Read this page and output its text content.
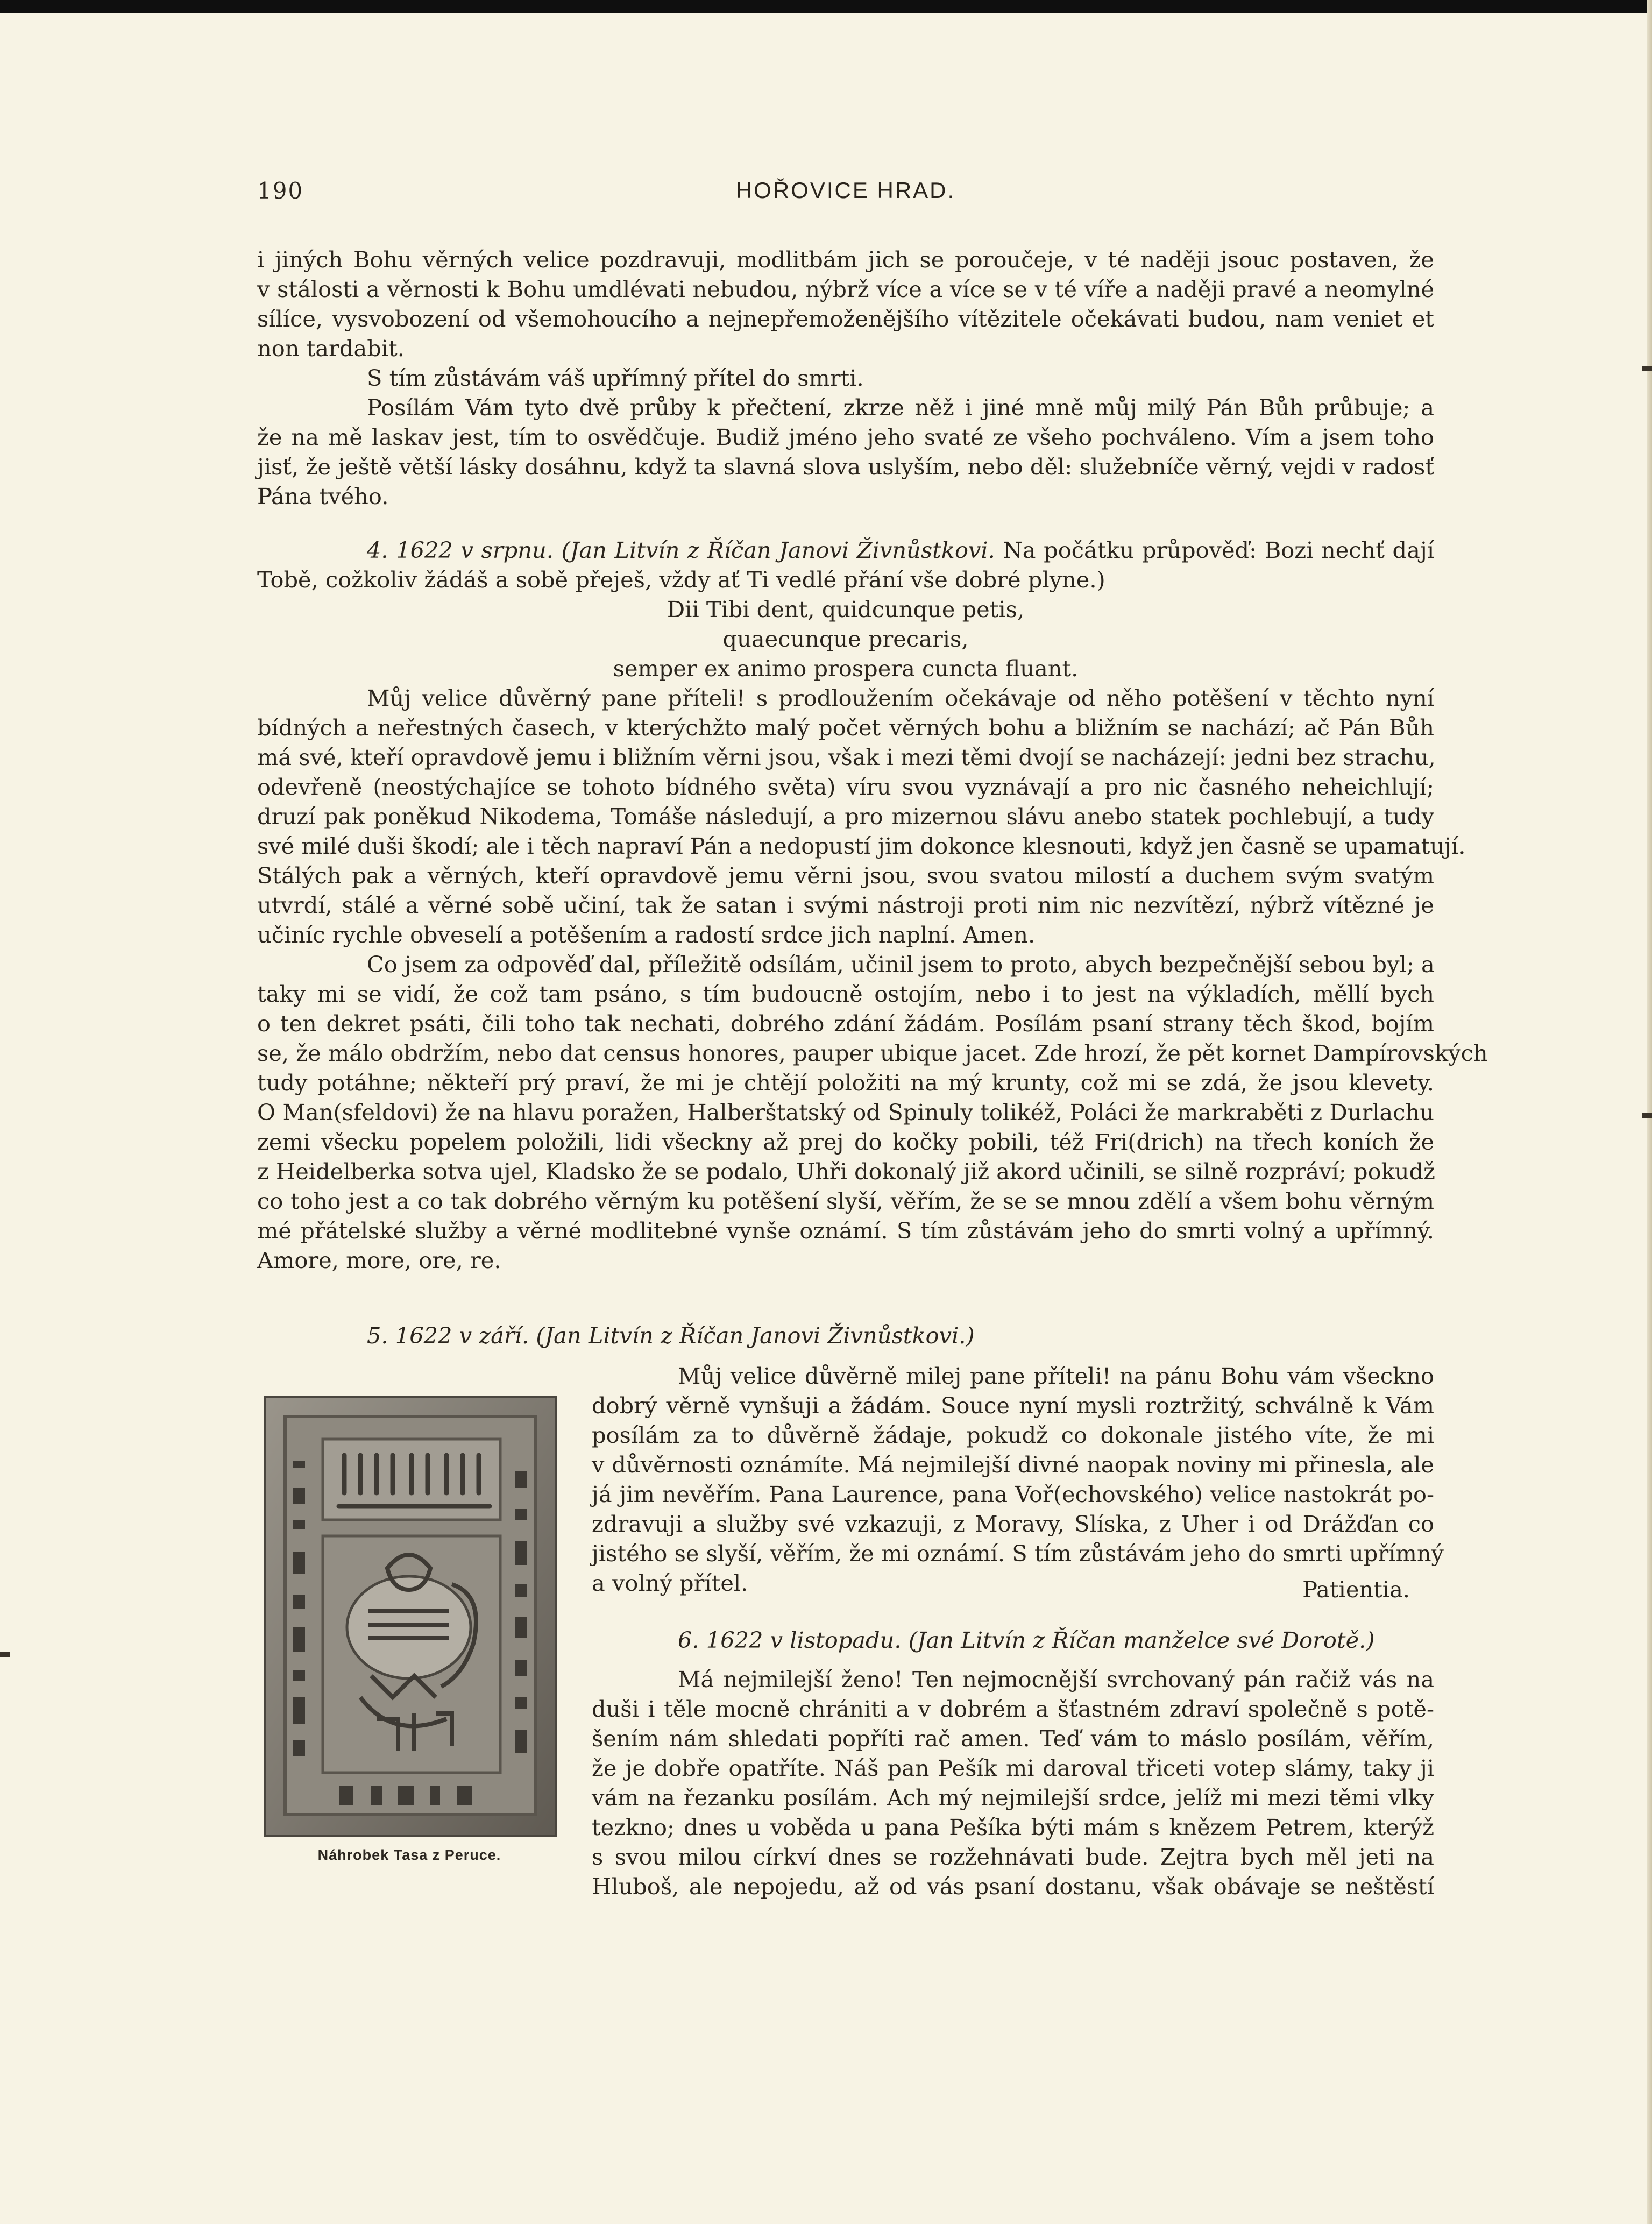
190	HOŘOVICE HRAD.
i jiných Bohu věrných velice pozdravuji, modlitbám jich se poroučeje, v té naději jsouc postaven, že
v stálosti a věrnosti k Bohu umdlévati nebudou, nýbrž více a více se v té víře a naději pravé a neomylné
sílíce, vysvobození od všemohoucího a nejnepřemoženějšího vítězitele očekávati budou, nam veniet et
non tardabit.
S tím zůstávám váš upřímný přítel do smrti.
Posílám Vám tyto dvě průby k přečtení, zkrze něž i jiné mně můj milý Pán Bůh průbuje; a
že na mě laskav jest, tím to osvědčuje. Budiž jméno jeho svaté ze všeho pochváleno. Vím a jsem toho
jisť, že ještě větší lásky dosáhnu, když ta slavná slova uslyším, nebo děl: služebníče věrný, vejdi v radosť
Pána tvého.
4. 1622 v srpnu. (Jan Litvín z Říčan Janovi Živnůstkovi. Na počátku průpověď: Bozi nechť dají
Tobě, cožkoliv žádáš a sobě přeješ, vždy ať Ti vedlé přání vše dobré plyne.)
Dii Tibi dent, quidcunque petis,
quaecunque precaris,
semper ex animo prospera cuncta fluant.
Můj velice důvěrný pane příteli! s prodloužením očekávaje od něho potěšení v těchto nyní
bídných a neřestných časech, v kterýchžto malý počet věrných bohu a bližním se nachází; ač Pán Bůh
má své, kteří opravdově jemu i bližním věrni jsou, však i mezi těmi dvojí se nacházejí: jedni bez strachu,
odevřeně (neostýchajíce se tohoto bídného světa) víru svou vyznávají a pro nic časného neheichlují;
druzí pak poněkud Nikodema, Tomáše následují, a pro mizernou slávu anebo statek pochlebují, a tudy
své milé duši škodí; ale i těch napraví Pán a nedopustí jim dokonce klesnouti, když jen časně se upamatují.
Stálých pak a věrných, kteří opravdově jemu věrni jsou, svou svatou milostí a duchem svým svatým
utvrdí, stálé a věrné sobě učiní, tak že satan i svými nástroji proti nim nic nezvítězí, nýbrž vítězné je
učiníc rychle obveselí a potěšením a radostí srdce jich naplní. Amen.
Co jsem za odpověď dal, příležitě odsílám, učinil jsem to proto, abych bezpečnější sebou byl; a
taky mi se vidí, že což tam psáno, s tím budoucně ostojím, nebo i to jest na výkladích, měllí bych
o ten dekret psáti, čili toho tak nechati, dobrého zdání žádám. Posílám psaní strany těch škod, bojím
se, že málo obdržím, nebo dat census honores, pauper ubique jacet. Zde hrozí, že pět kornet Dampírovských
tudy potáhne; někteří prý praví, že mi je chtějí položiti na mý krunty, což mi se zdá, že jsou klevety.
O Man(sfeldovi) že na hlavu poražen, Halberštatský od Spinuly tolikéž, Poláci že markraběti z Durlachu
zemi všecku popelem položili, lidi všeckny až prej do kočky pobili, též Fri(drich) na třech koních že
z Heidelberka sotva ujel, Kladsko že se podalo, Uhři dokonalý již akord učinili, se silně rozpráví; pokudž
co toho jest a co tak dobrého věrným ku potěšení slyší, věřím, že se se mnou zdělí a všem bohu věrným
mé přátelské služby a věrné modlitebné vynše oznámí. S tím zůstávám jeho do smrti volný a upřímný.
Amore, more, ore, re.
5. 1622 v září. (Jan Litvín z Říčan Janovi Živnůstkovi.)
Můj velice důvěrně milej pane příteli! na pánu Bohu vám všeckno
dobrý věrně vynšuji a žádám. Souce nyní mysli roztržitý, schválně k Vám
posílám za to důvěrně žádaje, pokudž co dokonale jistého víte, že mi
v důvěrnosti oznámíte. Má nejmilejší divné naopak noviny mi přinesla, ale
já jim nevěřím. Pana Laurence, pana Voř(echovského) velice nastokrát po-
zdravuji a služby své vzkazuji, z Moravy, Slíska, z Uher i od Drážďan co
jistého se slyší, věřím, že mi oznámí. S tím zůstávám jeho do smrti upřímný
a volný přítel.	Patientia.
6. 1622 v listopadu. (Jan Litvín z Říčan manželce své Dorotě.)
Má nejmilejší ženo! Ten nejmocnější svrchovaný pán račiž vás na
duši i těle mocně chrániti a v dobrém a šťastném zdraví společně s potě-
šením nám shledati popříti rač amen. Teď vám to máslo posílám, věřím,
že je dobře opatříte. Náš pan Pešík mi daroval třiceti votep slámy, taky ji
vám na řezanku posílám. Ach mý nejmilejší srdce, jelíž mi mezi těmi vlky
tezkno; dnes u voběda u pana Pešíka býti mám s knězem Petrem, kterýž
s svou milou církví dnes se rozžehnávati bude. Zejtra bych měl jeti na
Hluboš, ale nepojedu, až od vás psaní dostanu, však obávaje se neštěstí
Náhrobek Tasa z Peruce.
